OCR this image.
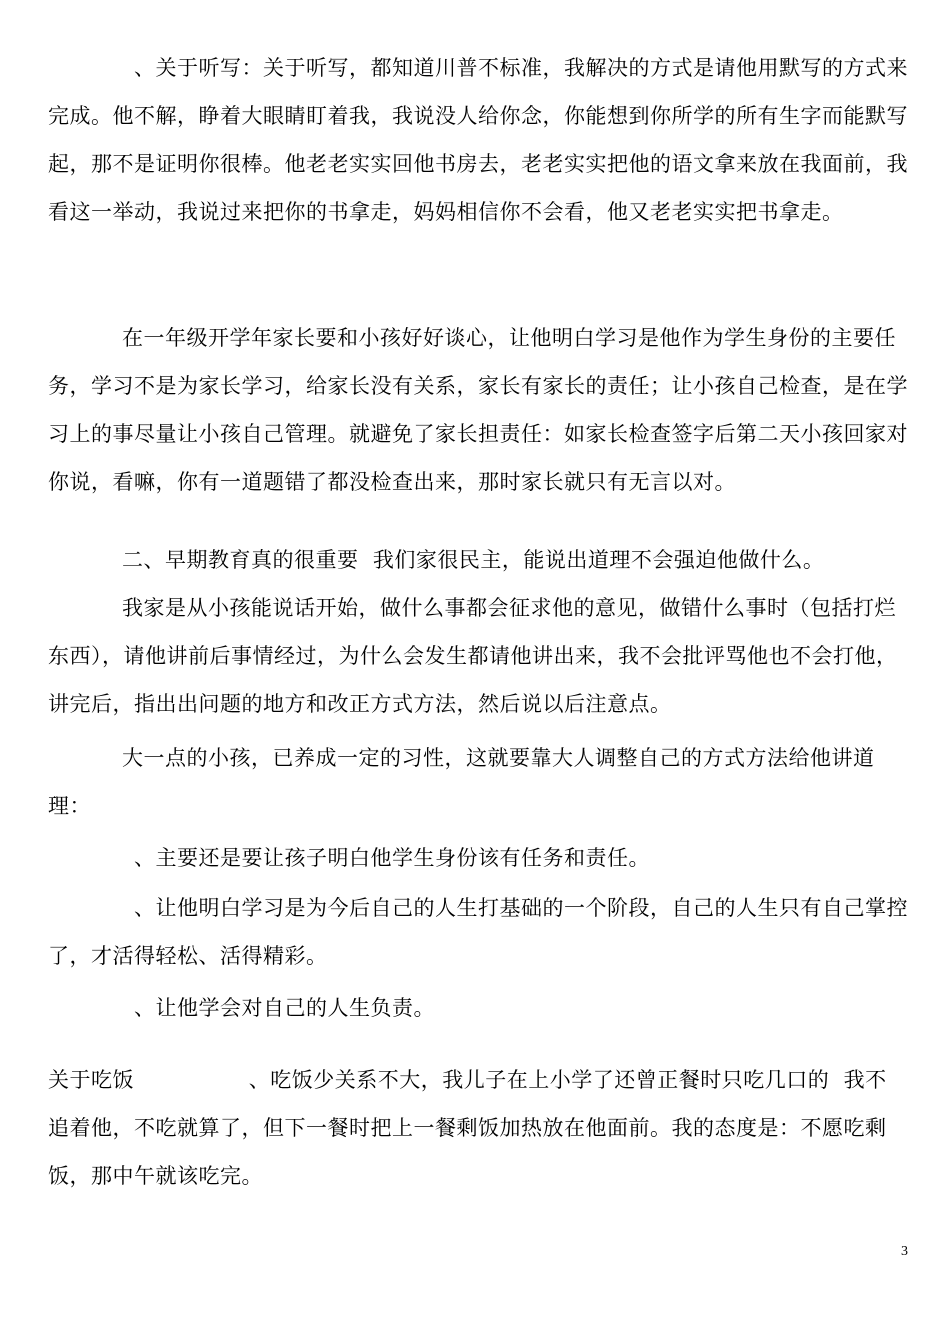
、关于听写：关于听写，都知道川普不标准，我解决的方式是请他用默写的方式来完成。他不解，睁着大眼睛盯着我，我说没人给你念，你能想到你所学的所有生字而能默写起，那不是证明你很棒。他老老实实回他书房去，老老实实把他的语文拿来放在我面前，我看这一举动，我说过来把你的书拿走，妈妈相信你不会看，他又老老实实把书拿走。

在一年级开学年家长要和小孩好好谈心，让他明白学习是他作为学生身份的主要任务，学习不是为家长学习，给家长没有关系，家长有家长的责任；让小孩自己检查，是在学习上的事尽量让小孩自己管理。就避免了家长担责任：如家长检查签字后第二天小孩回家对你说，看嘛，你有一道题错了都没检查出来，那时家长就只有无言以对。

二、早期教育真的很重要  我们家很民主，能说出道理不会强迫他做什么。

我家是从小孩能说话开始，做什么事都会征求他的意见，做错什么事时（包括打烂东西），请他讲前后事情经过，为什么会发生都请他讲出来，我不会批评骂他也不会打他，讲完后，指出出问题的地方和改正方式方法，然后说以后注意点。

大一点的小孩，已养成一定的习性，这就要靠大人调整自己的方式方法给他讲道理：

、主要还是要让孩子明白他学生身份该有任务和责任。

、让他明白学习是为今后自己的人生打基础的一个阶段，自己的人生只有自己掌控了，才活得轻松、活得精彩。

、让他学会对自己的人生负责。

关于吃饭                、吃饭少关系不大，我儿子在上小学了还曾正餐时只吃几口的  我不追着他，不吃就算了，但下一餐时把上一餐剩饭加热放在他面前。我的态度是：不愿吃剩饭，那中午就该吃完。

3
